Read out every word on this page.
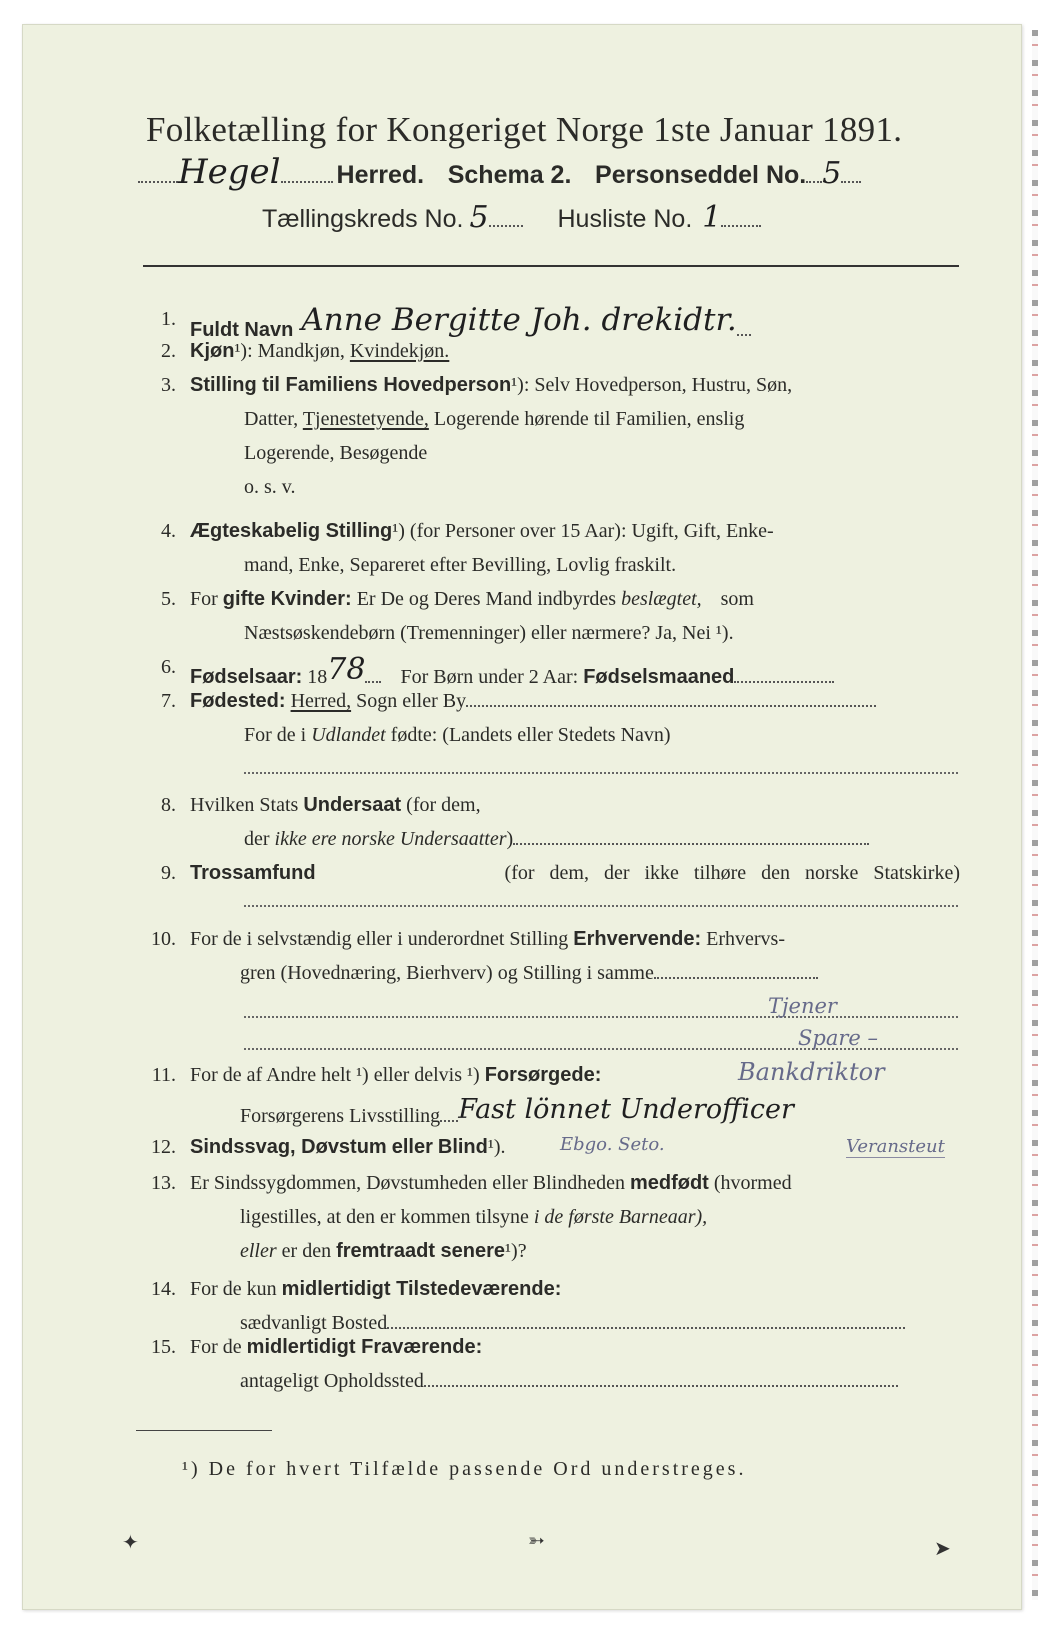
Folketælling for Kongeriget Norge 1ste Januar 1891.
Hegel Herred. Schema 2. Personseddel No. 5
Tællingskreds No. 5	Husliste No. 1
1. Fuldt Navn Anne Bergitte Joh. drekidtr.
2. Kjøn¹): Mandkjøn, Kvindekjøn.
3. Stilling til Familiens Hovedperson¹): Selv Hovedperson, Hustru, Søn,
Datter, Tjenestetyende, Logerende hørende til Familien, enslig
Logerende, Besøgende
o. s. v.
4. Ægteskabelig Stilling¹) (for Personer over 15 Aar): Ugift, Gift, Enke-
mand, Enke, Separeret efter Bevilling, Lovlig fraskilt.
5. For gifte Kvinder: Er De og Deres Mand indbyrdes beslægtet, som
Næstsøskendebørn (Tremenninger) eller nærmere? Ja, Nei ¹).
6. Fødselsaar: 1878 For Børn under 2 Aar: Fødselsmaaned
7. Fødested: Herred, Sogn eller By
For de i Udlandet fødte: (Landets eller Stedets Navn)
8. Hvilken Stats Undersaat (for dem,
der ikke ere norske Undersaatter)
9. Trossamfund	(for dem, der ikke tilhøre den norske Statskirke)
10. For de i selvstændig eller i underordnet Stilling Erhvervende: Erhvervs-
gren (Hovednæring, Bierhverv) og Stilling i samme
Tjener
Spare –
11. For de af Andre helt ¹) eller delvis ¹) Forsørgede:	Bankdriktor
Forsørgerens Livsstilling Fast lönnet Underofficer
12. Sindssvag, Døvstum eller Blind¹).	Ebgo. Seto.	Veransteut
13. Er Sindssygdommen, Døvstumheden eller Blindheden medfødt (hvormed
ligestilles, at den er kommen tilsyne i de første Barneaar),
eller er den fremtraadt senere¹)?
14. For de kun midlertidigt Tilstedeværende:
sædvanligt Bosted
15. For de midlertidigt Fraværende:
antageligt Opholdssted
¹) De for hvert Tilfælde passende Ord understreges.
✦	➳	➤
